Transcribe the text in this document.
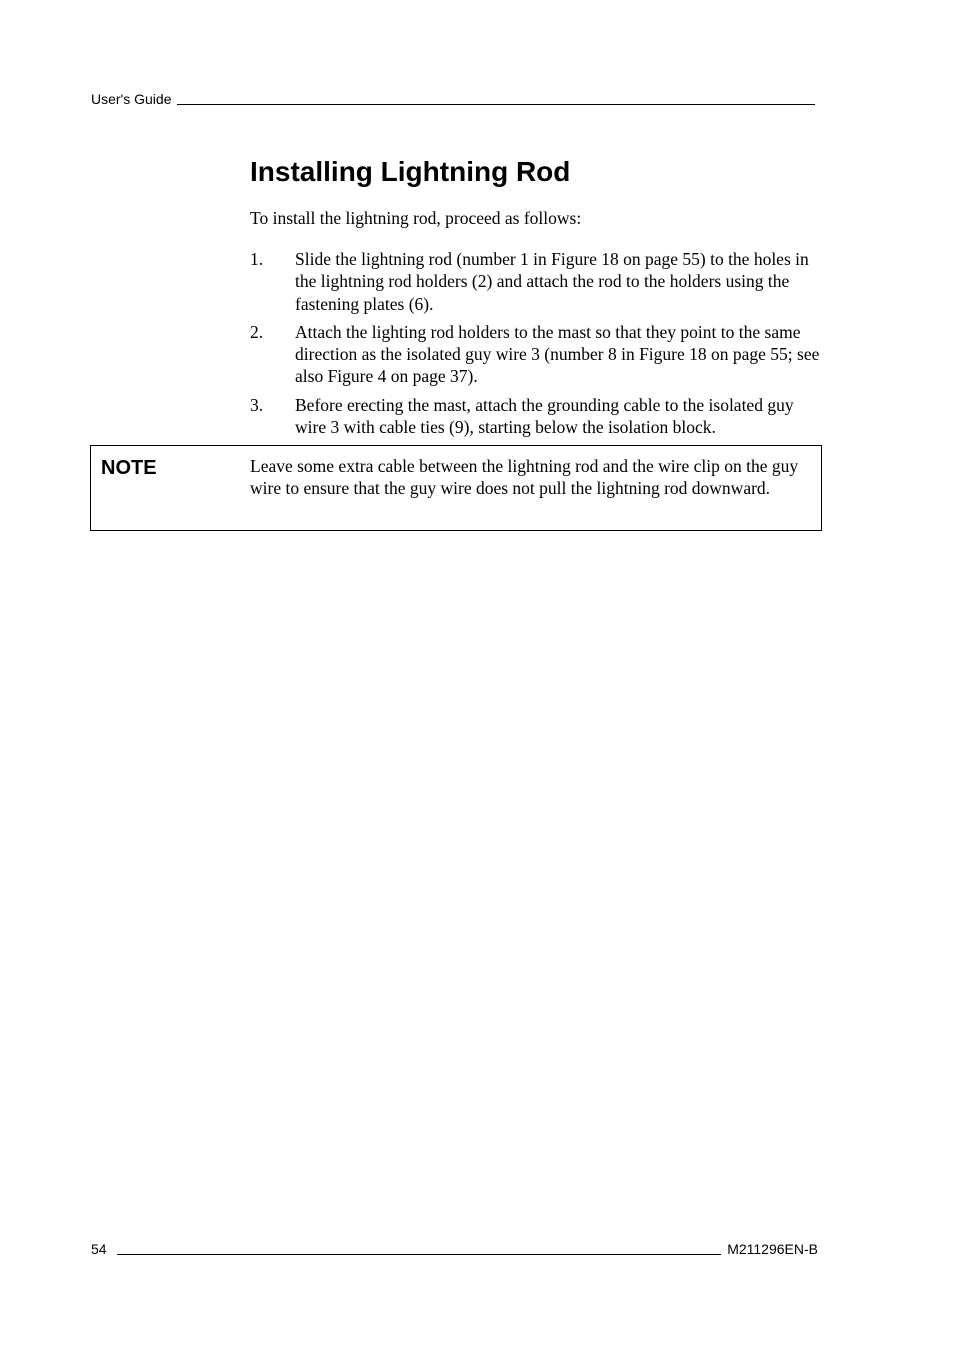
User's Guide
Installing Lightning Rod

To install the lightning rod, proceed as follows:

1.	Slide the lightning rod (number 1 in Figure 18 on page 55) to the holes in the lightning rod holders (2) and attach the rod to the holders using the fastening plates (6).
2.	Attach the lighting rod holders to the mast so that they point to the same direction as the isolated guy wire 3 (number 8 in Figure 18 on page 55; see also Figure 4 on page 37).
3.	Before erecting the mast, attach the grounding cable to the isolated guy wire 3 with cable ties (9), starting below the isolation block.
NOTE	Leave some extra cable between the lightning rod and the wire clip on the guy wire to ensure that the guy wire does not pull the lightning rod downward.

54	M211296EN-B
